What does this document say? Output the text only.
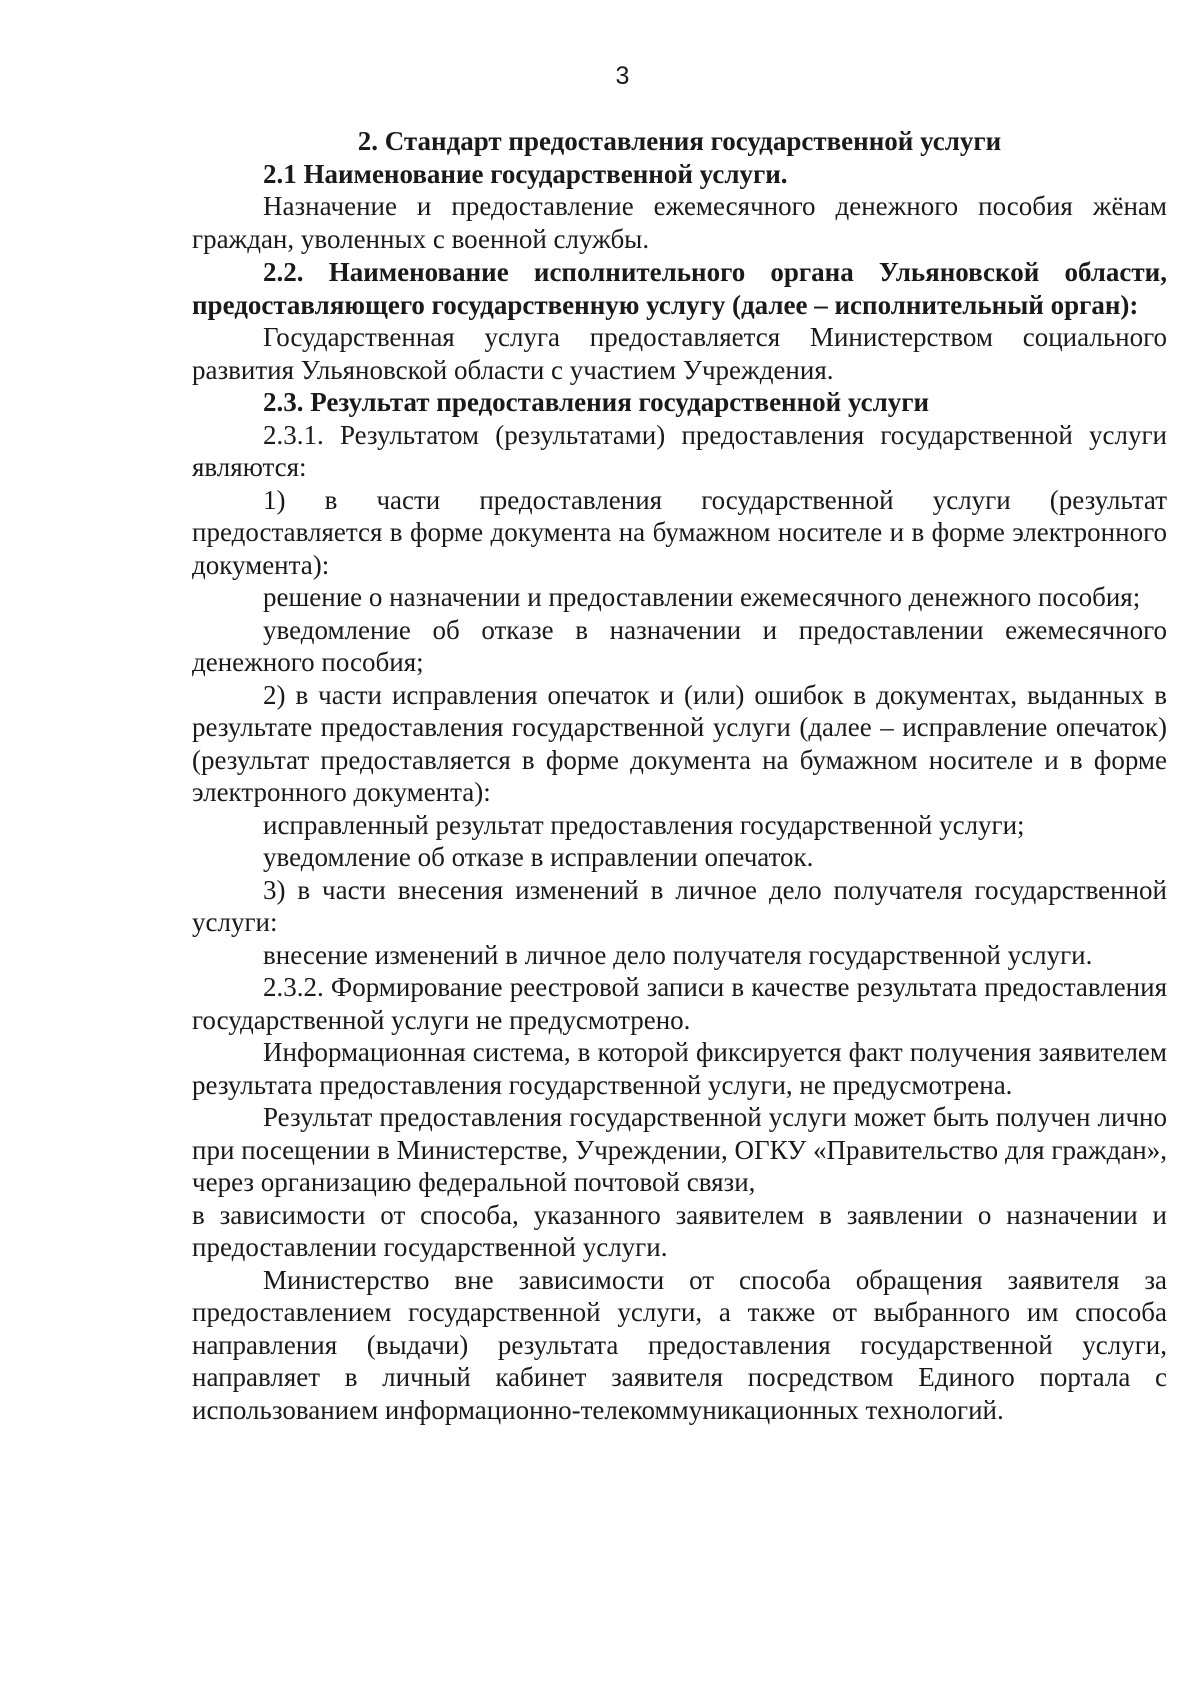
3

2. Стандарт предоставления государственной услуги

2.1 Наименование государственной услуги.

Назначение и предоставление ежемесячного денежного пособия жёнам граждан, уволенных с военной службы.

2.2. Наименование исполнительного органа Ульяновской области, предоставляющего государственную услугу (далее – исполнительный орган):

Государственная услуга предоставляется Министерством социального развития Ульяновской области с участием Учреждения.

2.3. Результат предоставления государственной услуги

2.3.1. Результатом (результатами) предоставления государственной услуги являются:

1) в части предоставления государственной услуги (результат предоставляется в форме документа на бумажном носителе и в форме электронного документа):

решение о назначении и предоставлении ежемесячного денежного пособия;

уведомление об отказе в назначении и предоставлении ежемесячного денежного пособия;

2) в части исправления опечаток и (или) ошибок в документах, выданных в результате предоставления государственной услуги (далее – исправление опечаток) (результат предоставляется в форме документа на бумажном носителе и в форме электронного документа):

исправленный результат предоставления государственной услуги;

уведомление об отказе в исправлении опечаток.

3) в части внесения изменений в личное дело получателя государственной услуги:

внесение изменений в личное дело получателя государственной услуги.

2.3.2. Формирование реестровой записи в качестве результата предоставления государственной услуги не предусмотрено.

Информационная система, в которой фиксируется факт получения заявителем результата предоставления государственной услуги, не предусмотрена.

Результат предоставления государственной услуги может быть получен лично при посещении в Министерстве, Учреждении, ОГКУ «Правительство для граждан», через организацию федеральной почтовой связи,

в зависимости от способа, указанного заявителем в заявлении о назначении и предоставлении государственной услуги.

Министерство вне зависимости от способа обращения заявителя за предоставлением государственной услуги, а также от выбранного им способа направления (выдачи) результата предоставления государственной услуги, направляет в личный кабинет заявителя посредством Единого портала с использованием информационно-телекоммуникационных технологий.
